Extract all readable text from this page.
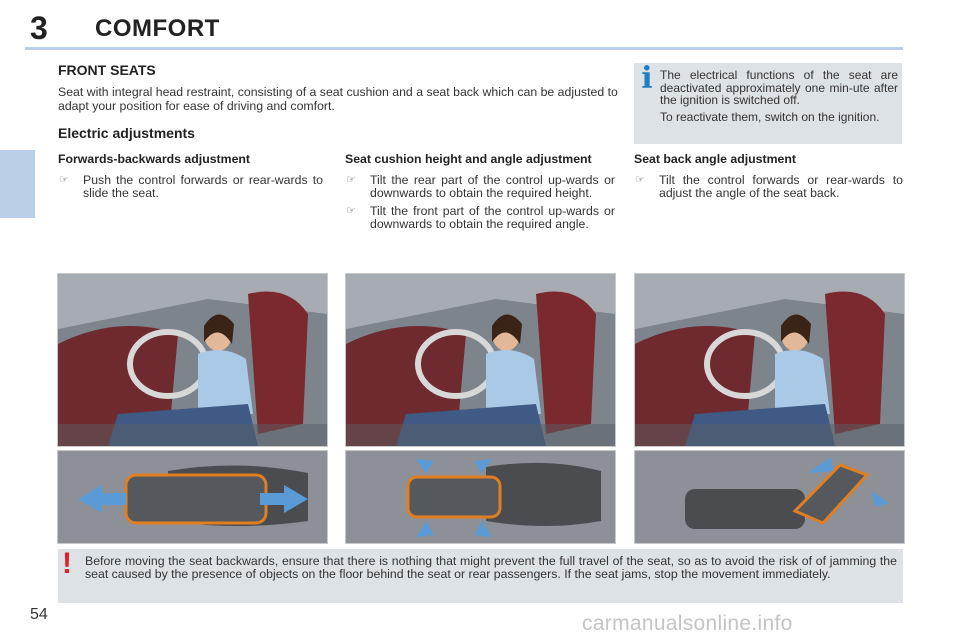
3 COMFORT
FRONT SEATS
Seat with integral head restraint, consisting of a seat cushion and a seat back which can be adjusted to adapt your position for ease of driving and comfort.
Electric adjustments
i The electrical functions of the seat are deactivated approximately one min-ute after the ignition is switched off.

To reactivate them, switch on the ignition.

Forwards-backwards adjustment
☞ Push the control forwards or rear-wards to slide the seat.
Seat cushion height and angle adjustment
☞ Tilt the rear part of the control up-wards or downwards to obtain the required height.
☞ Tilt the front part of the control up-wards or downwards to obtain the required angle.
Seat back angle adjustment
☞ Tilt the control forwards or rear-wards to adjust the angle of the seat back.
! Before moving the seat backwards, ensure that there is nothing that might prevent the full travel of the seat, so as to avoid the risk of of jamming the seat caused by the presence of objects on the floor behind the seat or rear passengers. If the seat jams, stop the movement immediately.
54	carmanualsonline.info
